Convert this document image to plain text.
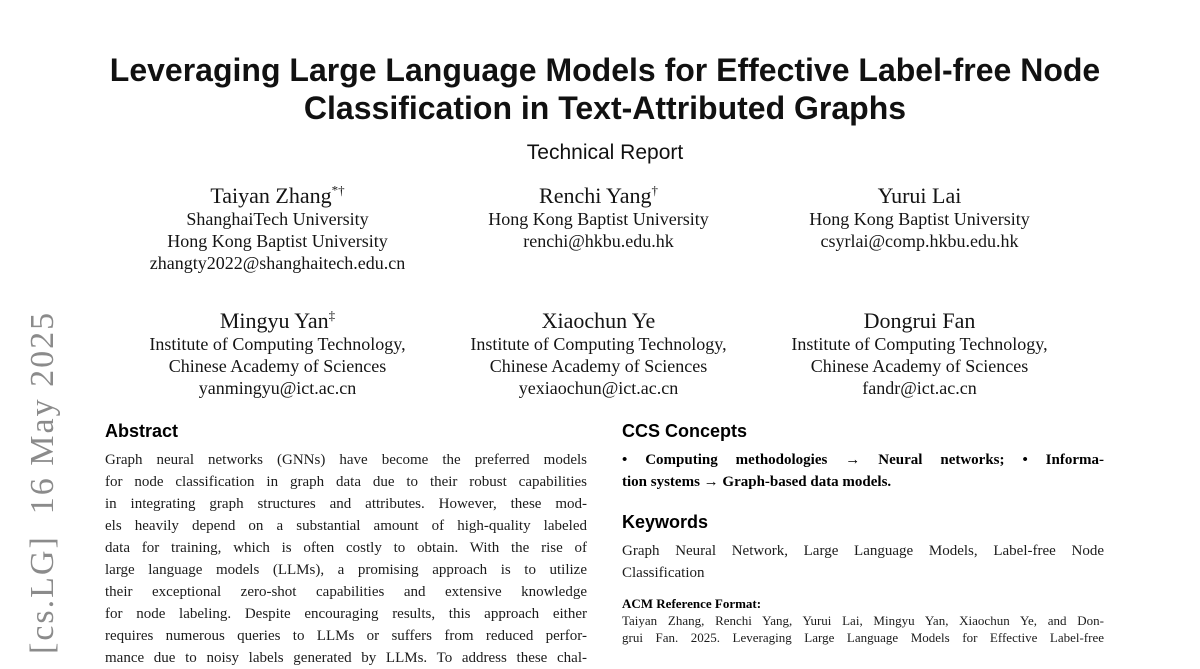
[cs.LG]  16 May 2025
Leveraging Large Language Models for Effective Label-free Node
Classification in Text-Attributed Graphs
Technical Report
Taiyan Zhang*†
ShanghaiTech University
Hong Kong Baptist University
zhangty2022@shanghaitech.edu.cn
Renchi Yang†
Hong Kong Baptist University
renchi@hkbu.edu.hk
Yurui Lai
Hong Kong Baptist University
csyrlai@comp.hkbu.edu.hk
Mingyu Yan‡
Institute of Computing Technology,
Chinese Academy of Sciences
yanmingyu@ict.ac.cn
Xiaochun Ye
Institute of Computing Technology,
Chinese Academy of Sciences
yexiaochun@ict.ac.cn
Dongrui Fan
Institute of Computing Technology,
Chinese Academy of Sciences
fandr@ict.ac.cn
Abstract
Graph neural networks (GNNs) have become the preferred models
for node classification in graph data due to their robust capabilities
in integrating graph structures and attributes. However, these mod-
els heavily depend on a substantial amount of high-quality labeled
data for training, which is often costly to obtain. With the rise of
large language models (LLMs), a promising approach is to utilize
their exceptional zero-shot capabilities and extensive knowledge
for node labeling. Despite encouraging results, this approach either
requires numerous queries to LLMs or suffers from reduced perfor-
mance due to noisy labels generated by LLMs. To address these chal-
CCS Concepts
• Computing methodologies → Neural networks; • Informa-
tion systems → Graph-based data models.
Keywords
Graph Neural Network, Large Language Models, Label-free Node
Classification
ACM Reference Format:
Taiyan Zhang, Renchi Yang, Yurui Lai, Mingyu Yan, Xiaochun Ye, and Don-
grui Fan. 2025. Leveraging Large Language Models for Effective Label-free
